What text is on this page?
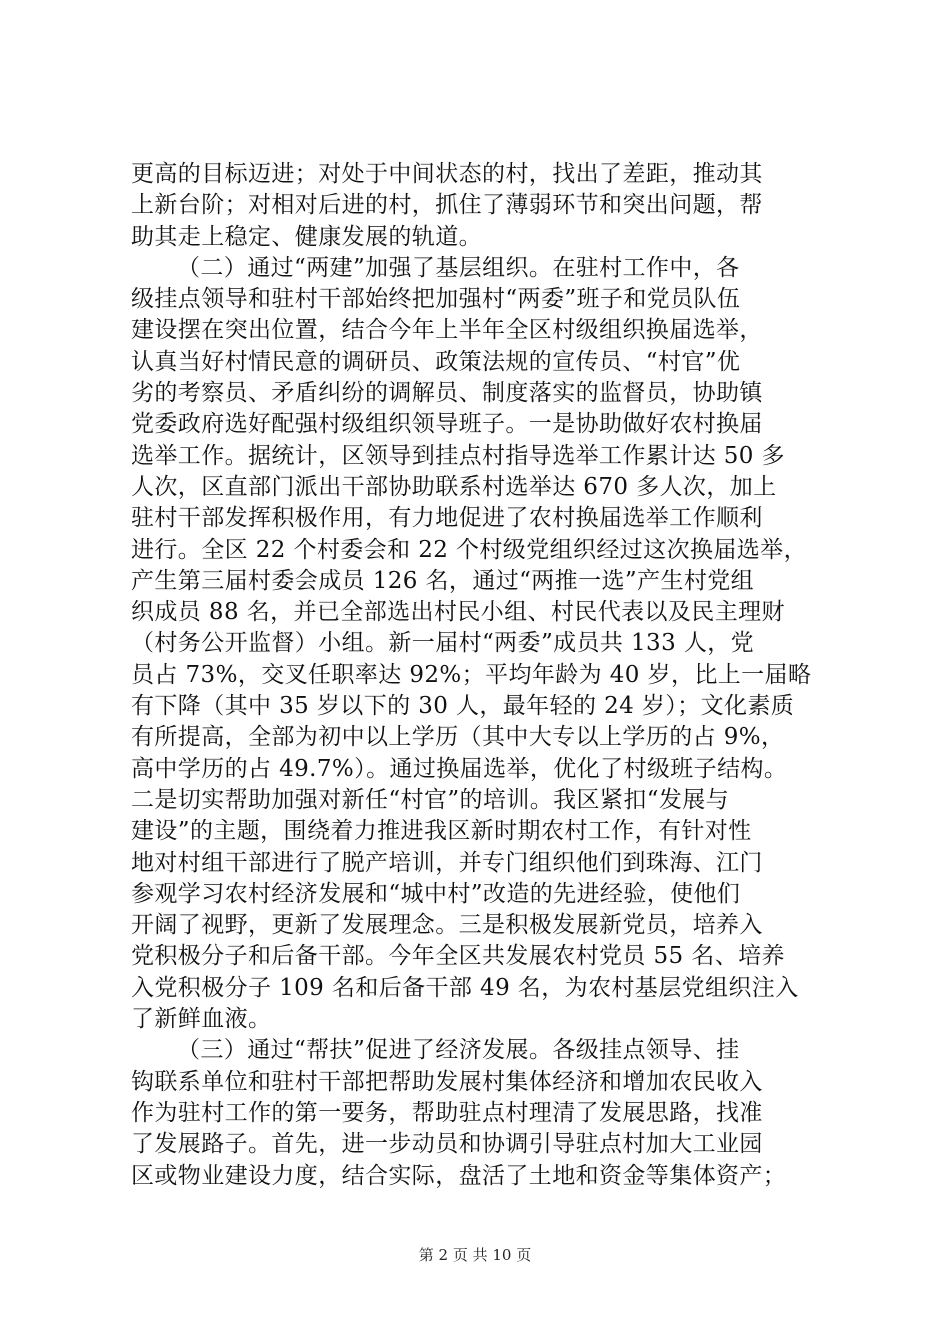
更高的目标迈进；对处于中间状态的村，找出了差距，推动其
上新台阶；对相对后进的村，抓住了薄弱环节和突出问题，帮
助其走上稳定、健康发展的轨道。
（二）通过“两建”加强了基层组织。在驻村工作中，各
级挂点领导和驻村干部始终把加强村“两委”班子和党员队伍
建设摆在突出位置，结合今年上半年全区村级组织换届选举，
认真当好村情民意的调研员、政策法规的宣传员、“村官”优
劣的考察员、矛盾纠纷的调解员、制度落实的监督员，协助镇
党委政府选好配强村级组织领导班子。一是协助做好农村换届
选举工作。据统计，区领导到挂点村指导选举工作累计达 50 多
人次，区直部门派出干部协助联系村选举达 670 多人次，加上
驻村干部发挥积极作用，有力地促进了农村换届选举工作顺利
进行。全区 22 个村委会和 22 个村级党组织经过这次换届选举，
产生第三届村委会成员 126 名，通过“两推一选”产生村党组
织成员 88 名，并已全部选出村民小组、村民代表以及民主理财
（村务公开监督）小组。新一届村“两委”成员共 133 人，党
员占 73%，交叉任职率达 92%；平均年龄为 40 岁，比上一届略
有下降（其中 35 岁以下的 30 人，最年轻的 24 岁）；文化素质
有所提高，全部为初中以上学历（其中大专以上学历的占 9%，
高中学历的占 49.7%）。通过换届选举，优化了村级班子结构。
二是切实帮助加强对新任“村官”的培训。我区紧扣“发展与
建设”的主题，围绕着力推进我区新时期农村工作，有针对性
地对村组干部进行了脱产培训，并专门组织他们到珠海、江门
参观学习农村经济发展和“城中村”改造的先进经验，使他们
开阔了视野，更新了发展理念。三是积极发展新党员，培养入
党积极分子和后备干部。今年全区共发展农村党员 55 名、培养
入党积极分子 109 名和后备干部 49 名，为农村基层党组织注入
了新鲜血液。
（三）通过“帮扶”促进了经济发展。各级挂点领导、挂
钩联系单位和驻村干部把帮助发展村集体经济和增加农民收入
作为驻村工作的第一要务，帮助驻点村理清了发展思路，找准
了发展路子。首先，进一步动员和协调引导驻点村加大工业园
区或物业建设力度，结合实际，盘活了土地和资金等集体资产；
第 2 页 共 10 页
